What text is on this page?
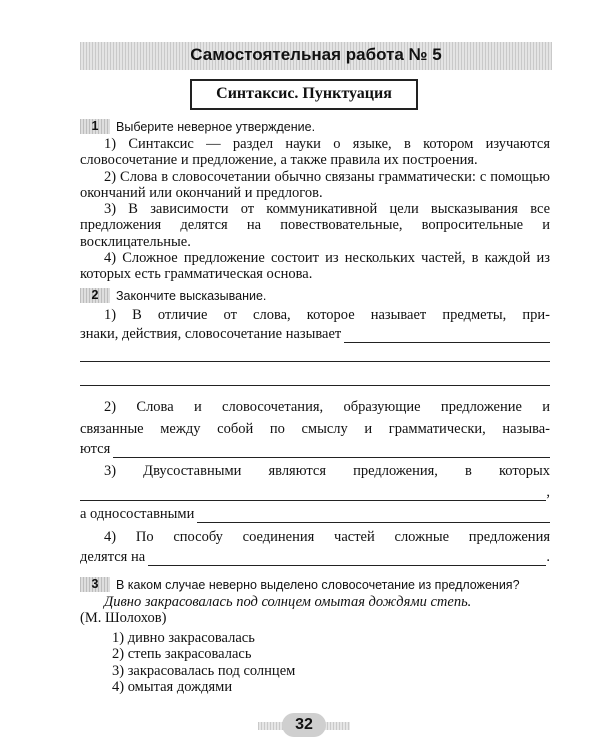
Самостоятельная работа № 5
Синтаксис. Пунктуация
1 Выберите неверное утверждение.

1) Синтаксис — раздел науки о языке, в котором изучаются словосочетание и предложение, а также правила их построения.

2) Слова в словосочетании обычно связаны грамматически: с помощью окончаний или окончаний и предлогов.

3) В зависимости от коммуникативной цели высказывания все предложения делятся на повествовательные, вопросительные и восклицательные.

4) Сложное предложение состоит из нескольких частей, в каждой из которых есть грамматическая основа.

2 Закончите высказывание.

1) В отличие от слова, которое называет предметы, при-

знаки, действия, словосочетание называет

2) Слова и словосочетания, образующие предложение и

связанные между собой по смыслу и грамматически, называ-

ются

3) Двусоставными являются предложения, в которых

,
а односоставными

4) По способу соединения частей сложные предложения

делятся на	.
3 В каком случае неверно выделено словосочетание из предложения?
Дивно закрасовалась под солнцем омытая дождями степь.
(М. Шолохов)
1) дивно закрасовалась
2) степь закрасовалась
3) закрасовалась под солнцем
4) омытая дождями
32
